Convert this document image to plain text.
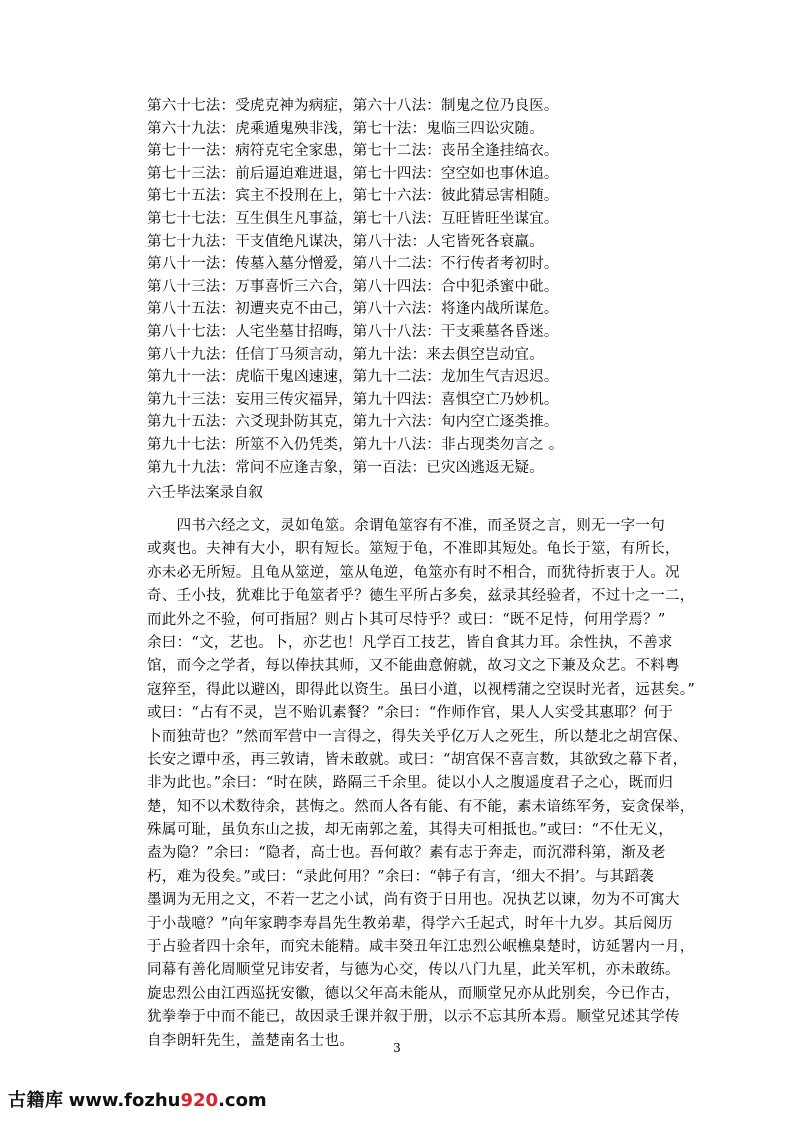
第六十七法：受虎克神为病症，第六十八法：制鬼之位乃良医。
第六十九法：虎乘遁鬼殃非浅，第七十法：鬼临三四讼灾随。
第七十一法：病符克宅全家患，第七十二法：丧吊全逢挂缟衣。
第七十三法：前后逼迫难进退，第七十四法：空空如也事休追。
第七十五法：宾主不投刑在上，第七十六法：彼此猜忌害相随。
第七十七法：互生俱生凡事益，第七十八法：互旺皆旺坐谋宜。
第七十九法：干支值绝凡谋决，第八十法：人宅皆死各衰羸。
第八十一法：传墓入墓分憎爱，第八十二法：不行传者考初时。
第八十三法：万事喜忻三六合，第八十四法：合中犯杀蜜中砒。
第八十五法：初遭夹克不由己，第八十六法：将逢内战所谋危。
第八十七法：人宅坐墓甘招晦，第八十八法：干支乘墓各昏迷。
第八十九法：任信丁马须言动，第九十法：来去俱空岂动宜。
第九十一法：虎临干鬼凶速速，第九十二法：龙加生气吉迟迟。
第九十三法：妄用三传灾福异，第九十四法：喜惧空亡乃妙机。
第九十五法：六爻现卦防其克，第九十六法：旬内空亡逐类推。
第九十七法：所筮不入仍凭类，第九十八法：非占现类勿言之 。
第九十九法：常问不应逢吉象，第一百法：已灾凶逃返无疑。
六壬毕法案录自叙
　　四书六经之文，灵如龟筮。余谓龟筮容有不准，而圣贤之言，则无一字一句
或爽也。夫神有大小，职有短长。筮短于龟，不准即其短处。龟长于筮，有所长，
亦未必无所短。且龟从筮逆，筮从龟逆，龟筮亦有时不相合，而犹待折衷于人。况
奇、壬小技，犹难比于龟筮者乎？德生平所占多矣，兹录其经验者，不过十之一二，
而此外之不验，何可指屈？则占卜其可尽恃乎？或曰：“既不足恃，何用学焉？”
余曰：“文，艺也。卜，亦艺也！凡学百工技艺，皆自食其力耳。余性执，不善求
馆，而今之学者，每以俸扶其师，又不能曲意俯就，故习文之下兼及众艺。不料粤
寇猝至，得此以避凶，即得此以资生。虽曰小道，以视樗蒲之空误时光者，远甚矣。”
或曰：“占有不灵，岂不贻讥素餐？”余曰：“作师作官，果人人实受其惠耶？何于
卜而独苛也？”然而军营中一言得之，得失关乎亿万人之死生，所以楚北之胡宫保、
长安之谭中丞，再三敦请，皆未敢就。或曰：“胡宫保不喜言数，其欲致之幕下者，
非为此也。”余曰：“时在陕，路隔三千余里。徒以小人之腹遥度君子之心，既而归
楚，知不以术数待余，甚悔之。然而人各有能、有不能，素未谙练军务，妄贪保举，
殊属可耻，虽负东山之拔，却无南郭之羞，其得夫可相抵也。”或曰：“不仕无义，
盍为隐？”余曰：“隐者，高士也。吾何敢？素有志于奔走，而沉滞科第，渐及老
朽，难为役矣。”或曰：“录此何用？”余曰：“韩子有言，‘细大不捐’。与其蹈袭
墨调为无用之文，不若一艺之小试，尚有资于日用也。况执艺以谏，勿为不可寓大
于小哉噫？”向年家聘李寿昌先生教弟辈，得学六壬起式，时年十九岁。其后阅历
于占验者四十余年，而究未能精。咸丰癸丑年江忠烈公岷樵臬楚时，访延署内一月，
同幕有善化周顺堂兄讳安者，与德为心交，传以八门九星，此关军机，亦未敢练。
旋忠烈公由江西巡抚安徽，德以父年高未能从，而顺堂兄亦从此别矣，今已作古，
犹拳拳于中而不能已，故因录壬课并叙于册，以示不忘其所本焉。顺堂兄述其学传
自李朗轩先生，盖楚南名士也。	3
古籍库 www.fozhu920.com
